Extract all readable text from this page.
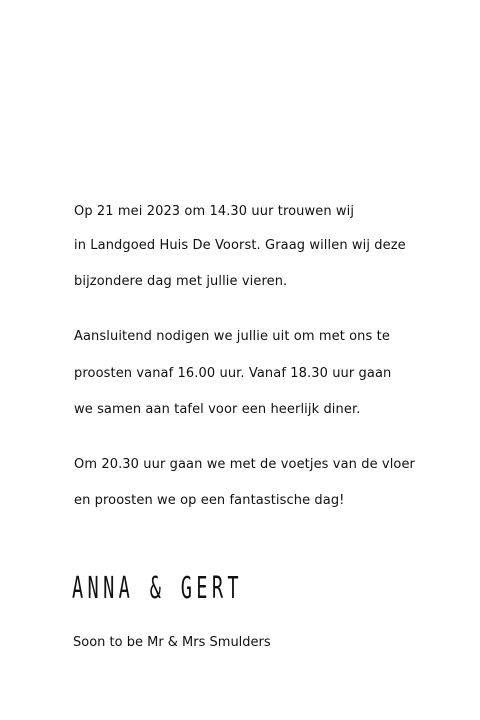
Op 21 mei 2023 om 14.30 uur trouwen wij
in Landgoed Huis De Voorst. Graag willen wij deze
bijzondere dag met jullie vieren.
Aansluitend nodigen we jullie uit om met ons te
proosten vanaf 16.00 uur. Vanaf 18.30 uur gaan
we samen aan tafel voor een heerlijk diner.
Om 20.30 uur gaan we met de voetjes van de vloer
en proosten we op een fantastische dag!
ANNA & GERT
Soon to be Mr & Mrs Smulders
